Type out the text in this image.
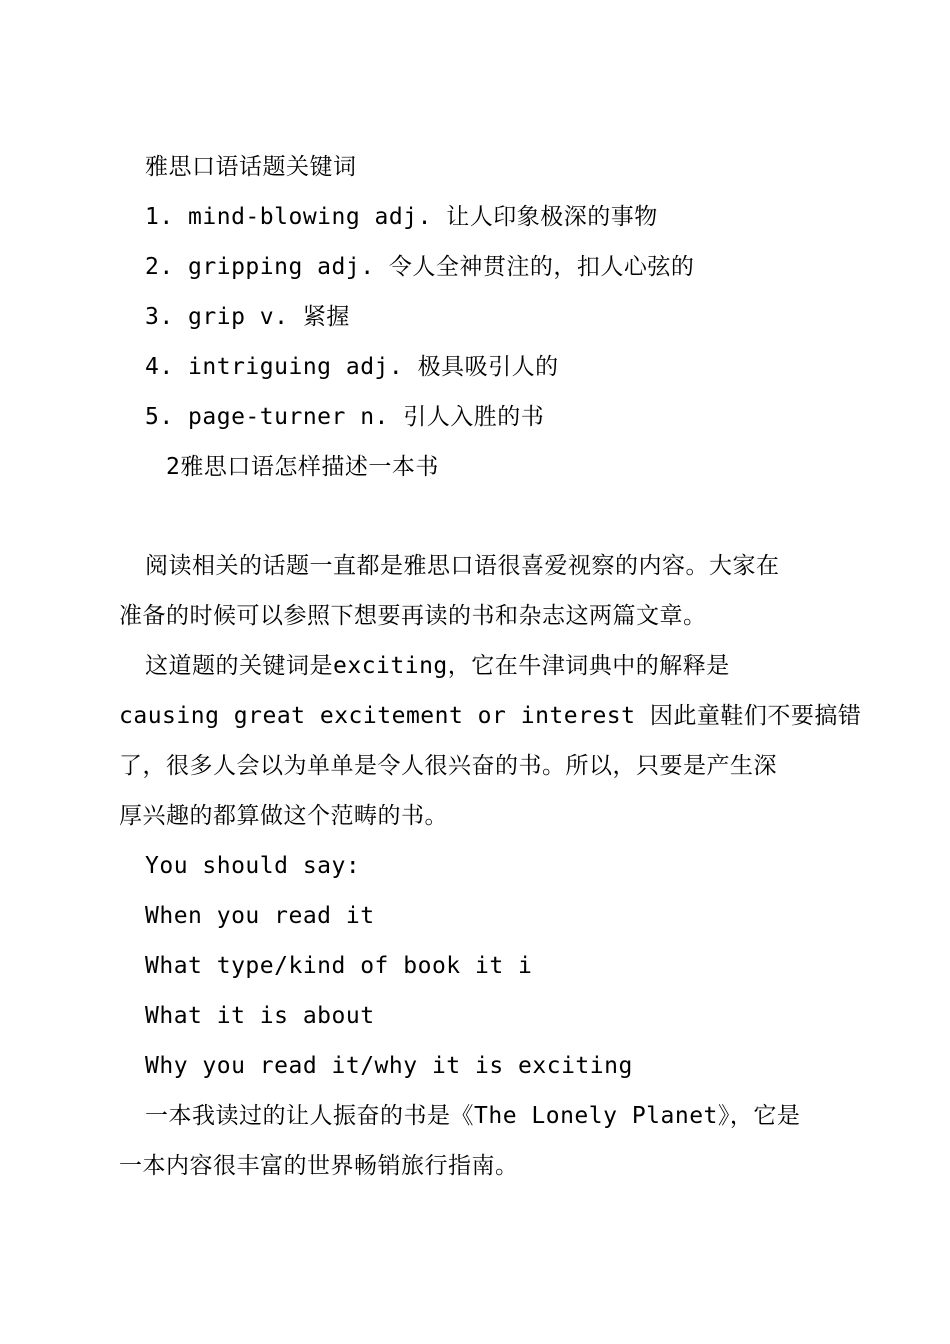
雅思口语话题关键词
1. mind-blowing adj. 让人印象极深的事物
2. gripping adj. 令人全神贯注的，扣人心弦的
3. grip v. 紧握
4. intriguing adj. 极具吸引人的
5. page-turner n. 引人入胜的书
2雅思口语怎样描述一本书
阅读相关的话题一直都是雅思口语很喜爱视察的内容。大家在
准备的时候可以参照下想要再读的书和杂志这两篇文章。
这道题的关键词是exciting，它在牛津词典中的解释是
causing great excitement or interest 因此童鞋们不要搞错
了，很多人会以为单单是令人很兴奋的书。所以，只要是产生深
厚兴趣的都算做这个范畴的书。
You should say:
When you read it
What type/kind of book it i
What it is about
Why you read it/why it is exciting
一本我读过的让人振奋的书是《The Lonely Planet》，它是
一本内容很丰富的世界畅销旅行指南。
